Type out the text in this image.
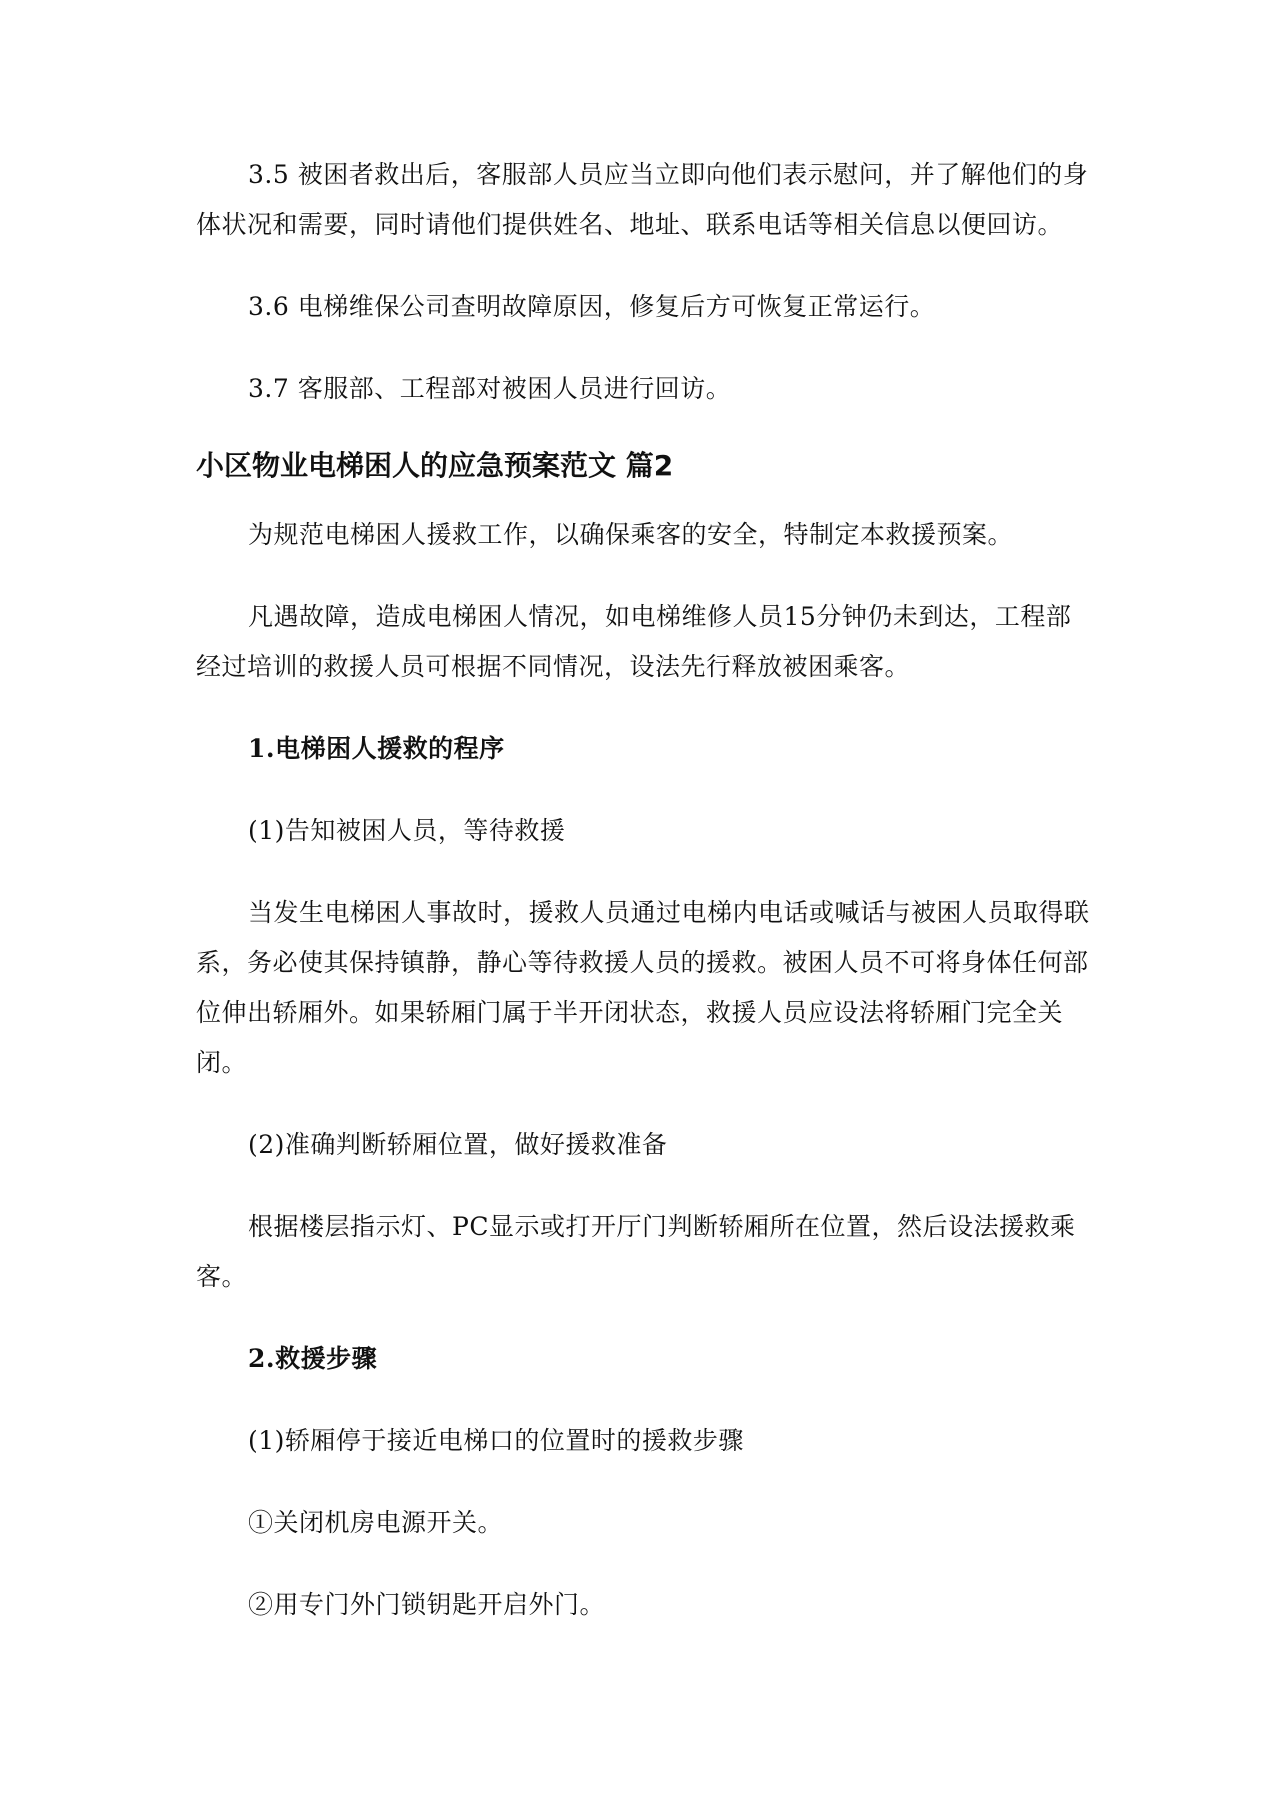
3.5 被困者救出后，客服部人员应当立即向他们表示慰问，并了解他们的身体状况和需要，同时请他们提供姓名、地址、联系电话等相关信息以便回访。

3.6 电梯维保公司查明故障原因，修复后方可恢复正常运行。

3.7 客服部、工程部对被困人员进行回访。

小区物业电梯困人的应急预案范文 篇2

为规范电梯困人援救工作，以确保乘客的安全，特制定本救援预案。

凡遇故障，造成电梯困人情况，如电梯维修人员15分钟仍未到达，工程部经过培训的救援人员可根据不同情况，设法先行释放被困乘客。

1.电梯困人援救的程序

(1)告知被困人员，等待救援

当发生电梯困人事故时，援救人员通过电梯内电话或喊话与被困人员取得联系，务必使其保持镇静，静心等待救援人员的援救。被困人员不可将身体任何部位伸出轿厢外。如果轿厢门属于半开闭状态，救援人员应设法将轿厢门完全关闭。

(2)准确判断轿厢位置，做好援救准备

根据楼层指示灯、PC显示或打开厅门判断轿厢所在位置，然后设法援救乘客。

2.救援步骤

(1)轿厢停于接近电梯口的位置时的援救步骤

①关闭机房电源开关。

②用专门外门锁钥匙开启外门。
